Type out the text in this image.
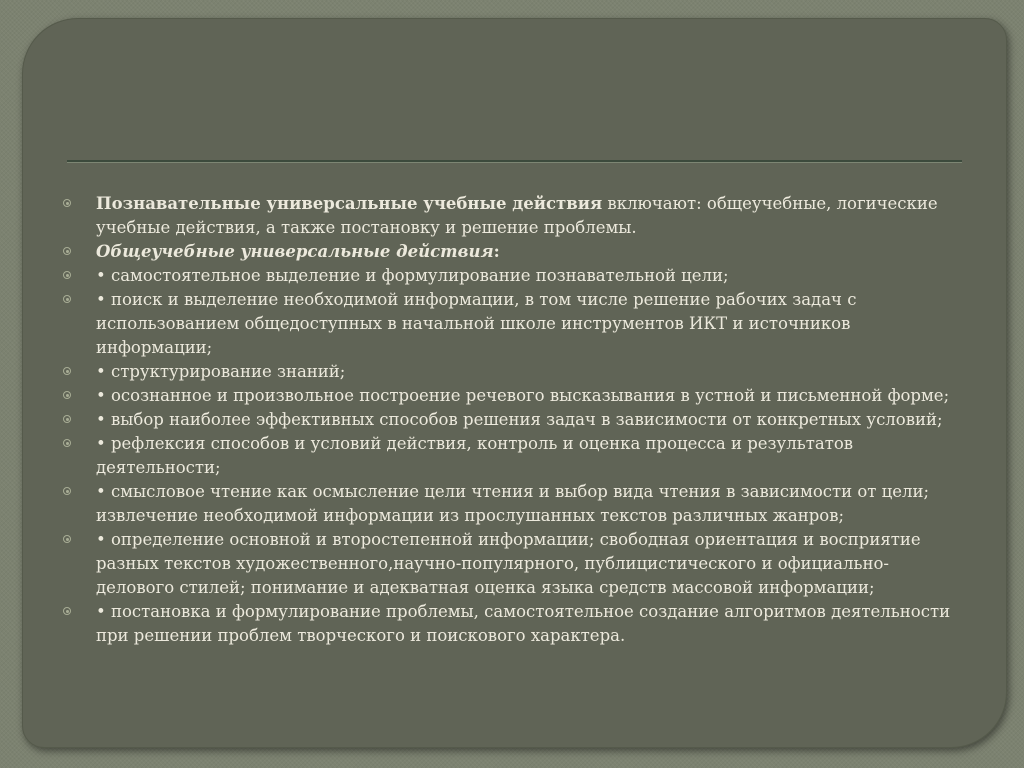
Познавательные универсальные учебные действия включают: общеучебные, логические учебные действия, а также постановку и решение проблемы.

Общеучебные универсальные действия:

• самостоятельное выделение и формулирование познавательной цели;

• поиск и выделение необходимой информации, в том числе решение рабочих задач с использованием общедоступных в начальной школе инструментов ИКТ и источников информации;

• структурирование знаний;

• осознанное и произвольное построение речевого высказывания в устной и письменной форме;

• выбор наиболее эффективных способов решения задач в зависимости от конкретных условий;

• рефлексия способов и условий действия, контроль и оценка процесса и результатов деятельности;

• смысловое чтение как осмысление цели чтения и выбор вида чтения в зависимости от цели; извлечение необходимой информации из прослушанных текстов различных жанров;

• определение основной и второстепенной информации; свободная ориентация и восприятие разных текстов художественного,научно-популярного, публицистического и официально-делового стилей; понимание и адекватная оценка языка средств массовой информации;

• постановка и формулирование проблемы, самостоятельное создание алгоритмов деятельности при решении проблем творческого и поискового характера.
